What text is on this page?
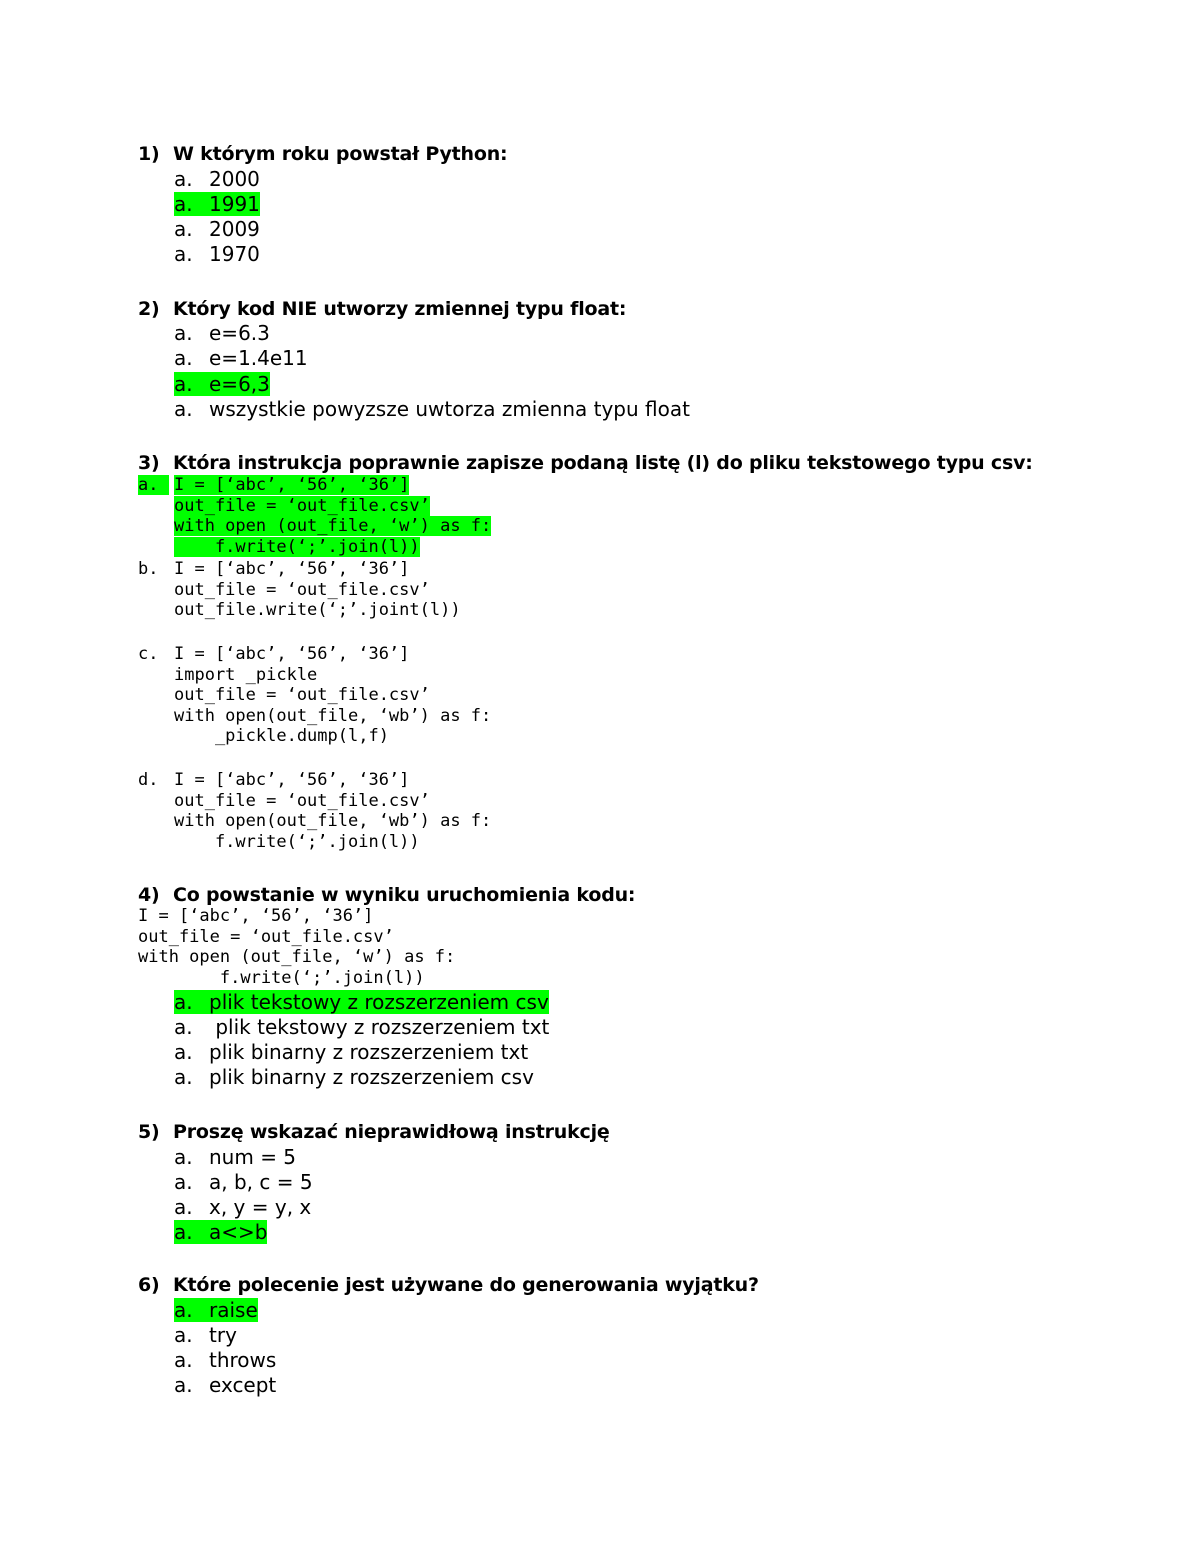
1) W którym roku powstał Python:
a. 2000
a. 1991
a. 2009
a. 1970
2) Który kod NIE utworzy zmiennej typu float:
a. e=6.3
a. e=1.4e11
a. e=6,3
a. wszystkie powyzsze uwtorza zmienna typu float
3) Która instrukcja poprawnie zapisze podaną listę (l) do pliku tekstowego typu csv:
a. I = [‘abc’, ‘56’, ‘36’]
out_file = ‘out_file.csv’
with open (out_file, ‘w’) as f:
f.write(‘;’.join(l))
b. I = [‘abc’, ‘56’, ‘36’]
out_file = ‘out_file.csv’
out_file.write(‘;’.joint(l))
c. I = [‘abc’, ‘56’, ‘36’]
import _pickle
out_file = ‘out_file.csv’
with open(out_file, ‘wb’) as f:
_pickle.dump(l,f)
d. I = [‘abc’, ‘56’, ‘36’]
out_file = ‘out_file.csv’
with open(out_file, ‘wb’) as f:
f.write(‘;’.join(l))
4) Co powstanie w wyniku uruchomienia kodu:
I = [‘abc’, ‘56’, ‘36’]
out_file = ‘out_file.csv’
with open (out_file, ‘w’) as f:
f.write(‘;’.join(l))
a. plik tekstowy z rozszerzeniem csv
a. plik tekstowy z rozszerzeniem txt
a. plik binarny z rozszerzeniem txt
a. plik binarny z rozszerzeniem csv
5) Proszę wskazać nieprawidłową instrukcję
a. num = 5
a. a, b, c = 5
a. x, y = y, x
a. a<>b
6) Które polecenie jest używane do generowania wyjątku?
a. raise
a. try
a. throws
a. except
